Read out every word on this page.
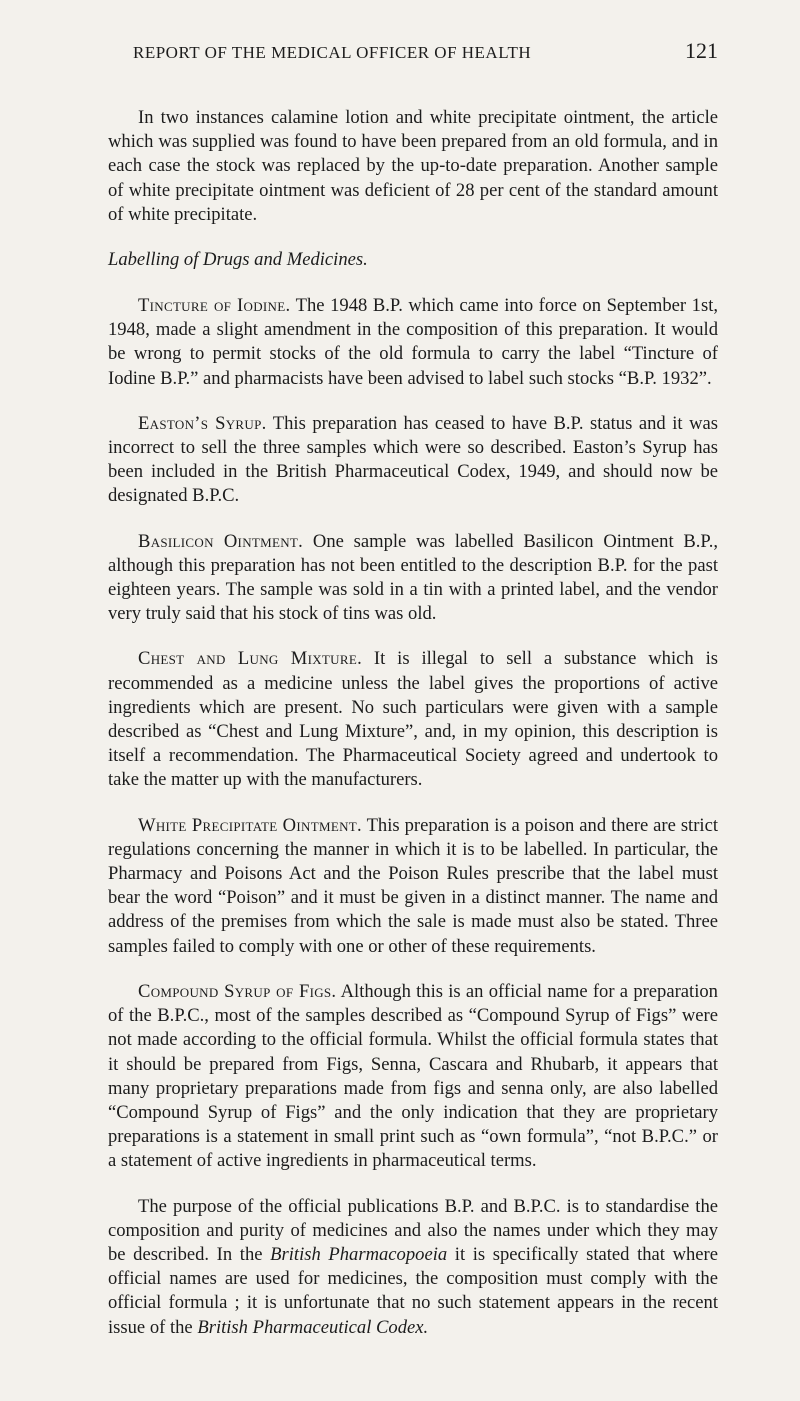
REPORT OF THE MEDICAL OFFICER OF HEALTH	121

In two instances calamine lotion and white precipitate ointment, the article which was supplied was found to have been prepared from an old formula, and in each case the stock was replaced by the up-to-date preparation. Another sample of white precipitate ointment was deficient of 28 per cent of the standard amount of white precipitate.

Labelling of Drugs and Medicines.

Tincture of Iodine. The 1948 B.P. which came into force on September 1st, 1948, made a slight amendment in the composition of this preparation. It would be wrong to permit stocks of the old formula to carry the label “Tincture of Iodine B.P.” and pharmacists have been advised to label such stocks “B.P. 1932”.

Easton’s Syrup. This preparation has ceased to have B.P. status and it was incorrect to sell the three samples which were so described. Easton’s Syrup has been included in the British Pharmaceutical Codex, 1949, and should now be designated B.P.C.

Basilicon Ointment. One sample was labelled Basilicon Ointment B.P., although this preparation has not been entitled to the description B.P. for the past eighteen years. The sample was sold in a tin with a printed label, and the vendor very truly said that his stock of tins was old.

Chest and Lung Mixture. It is illegal to sell a substance which is recommended as a medicine unless the label gives the proportions of active ingredients which are present. No such particulars were given with a sample described as “Chest and Lung Mixture”, and, in my opinion, this description is itself a recommendation. The Pharmaceutical Society agreed and undertook to take the matter up with the manufacturers.

White Precipitate Ointment. This preparation is a poison and there are strict regulations concerning the manner in which it is to be labelled. In particular, the Pharmacy and Poisons Act and the Poison Rules prescribe that the label must bear the word “Poison” and it must be given in a distinct manner. The name and address of the premises from which the sale is made must also be stated. Three samples failed to comply with one or other of these requirements.

Compound Syrup of Figs. Although this is an official name for a preparation of the B.P.C., most of the samples described as “Compound Syrup of Figs” were not made according to the official formula. Whilst the official formula states that it should be prepared from Figs, Senna, Cascara and Rhubarb, it appears that many proprietary preparations made from figs and senna only, are also labelled “Compound Syrup of Figs” and the only indication that they are proprietary preparations is a statement in small print such as “own formula”, “not B.P.C.” or a statement of active ingredients in pharmaceutical terms.

The purpose of the official publications B.P. and B.P.C. is to standardise the composition and purity of medicines and also the names under which they may be described. In the British Pharmacopoeia it is specifically stated that where official names are used for medicines, the composition must comply with the official formula ; it is unfortunate that no such statement appears in the recent issue of the British Pharmaceutical Codex.
